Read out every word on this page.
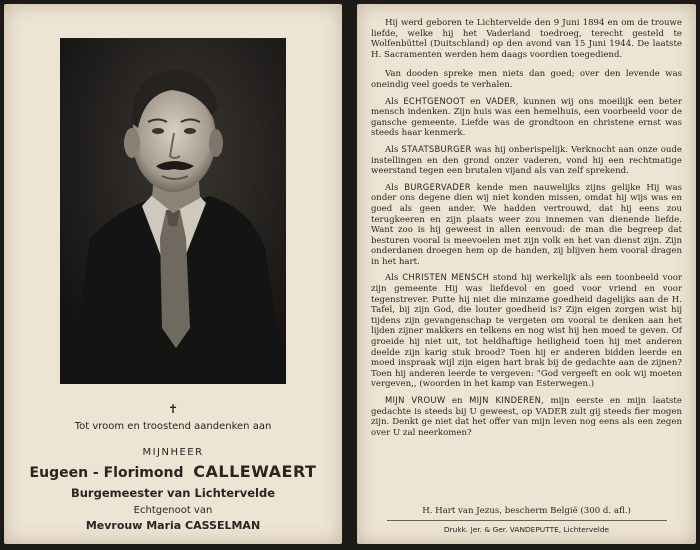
✝

Tot vroom en troostend aandenken aan

MIJNHEER

Eugeen - Florimond CALLEWAERT

Burgemeester van Lichtervelde

Echtgenoot van

Mevrouw Maria CASSELMAN

Hij werd geboren te Lichtervelde den 9 Juni 1894 en om de trouwe liefde, welke hij het Vaderland toedroeg, terecht gesteld te Wolfenbüttel (Duitschland) op den avond van 15 Juni 1944. De laatste H. Sacramenten werden hem daags voordien toegediend.

Van dooden spreke men niets dan goed; over den levende was oneindig veel goeds te verhalen.

Als ECHTGENOOT en VADER, kunnen wij ons moeilijk een beter mensch indenken. Zijn huis was een hemelhuis, een voorbeeld voor de gansche gemeente. Liefde was de grondtoon en christene ernst was steeds haar kenmerk.

Als STAATSBURGER was hij onberispelijk. Verknocht aan onze oude instellingen en den grond onzer vaderen, vond hij een rechtmatige weerstand tegen een brutalen vijand als van zelf sprekend.

Als BURGERVADER kende men nauwelijks zijns gelijke Hij was onder ons degene dien wij niet konden missen, omdat hij wijs was en goed als geen ander. We hadden vertrouwd, dat hij eens zou terugkeeren en zijn plaats weer zou innemen van dienende liefde. Want zoo is hij geweest in allen eenvoud: de man die begreep dat besturen vooral is meevoelen met zijn volk en het van dienst zijn. Zijn onderdanen droegen hem op de handen, zij blijven hem vooral dragen in het hart.

Als CHRISTEN MENSCH stond hij werkelijk als een toonbeeld voor zijn gemeente Hij was liefdevol en goed voor vriend en voor tegenstrever. Putte hij niet die minzame goedheid dagelijks aan de H. Tafel, bij zijn God, die louter goedheid is? Zijn eigen zorgen wist hij tijdens zijn gevangenschap te vergeten om vooral te denken aan het lijden zijner makkers en telkens en nog wist hij hen moed te geven. Of groeide hij niet uit, tot heldhaftige heiligheid toen hij met anderen deelde zijn karig stuk brood? Toen hij er anderen bidden leerde en moed inspraak wijl zijn eigen hart brak bij de gedachte aan de zijnen? Toen hij anderen leerde te vergeven: "God vergeeft en ook wij moeten vergeven,, (woorden in het kamp van Esterwegen.)

MIJN VROUW en MIJN KINDEREN, mijn eerste en mijn laatste gedachte is steeds bij U geweest, op VADER zult gij steeds fier mogen zijn. Denkt ge niet dat het offer van mijn leven nog eens als een zegen over U zal neerkomen?

H. Hart van Jezus, bescherm België (300 d. afl.)
Drukk. Jer. & Ger. VANDEPUTTE, Lichtervelde
